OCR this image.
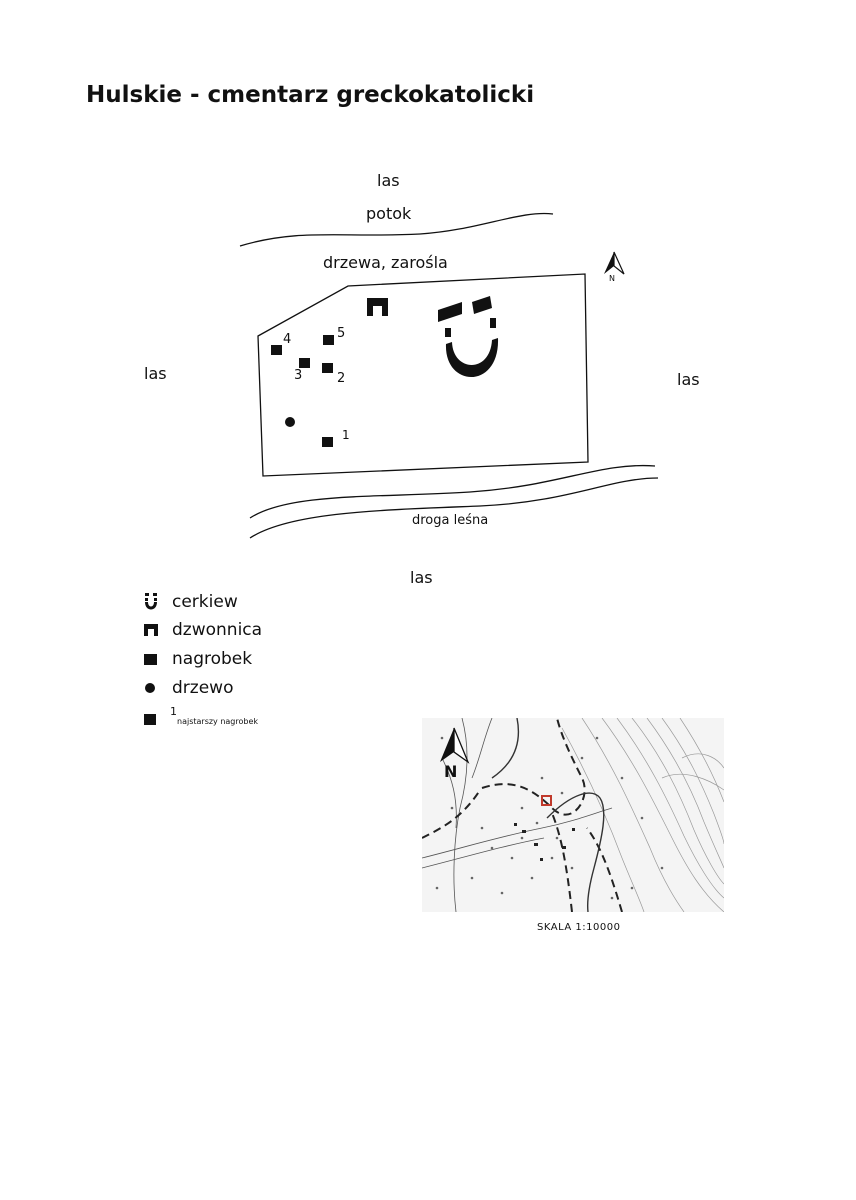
Hulskie - cmentarz greckokatolicki
las
potok
drzewa, zarośla
las	las
droga leśna
las
N
4	5
3	2
1
cerkiew
dzwonnica
nagrobek
drzewo
1
najstarszy nagrobek
N
SKALA 1:10000
